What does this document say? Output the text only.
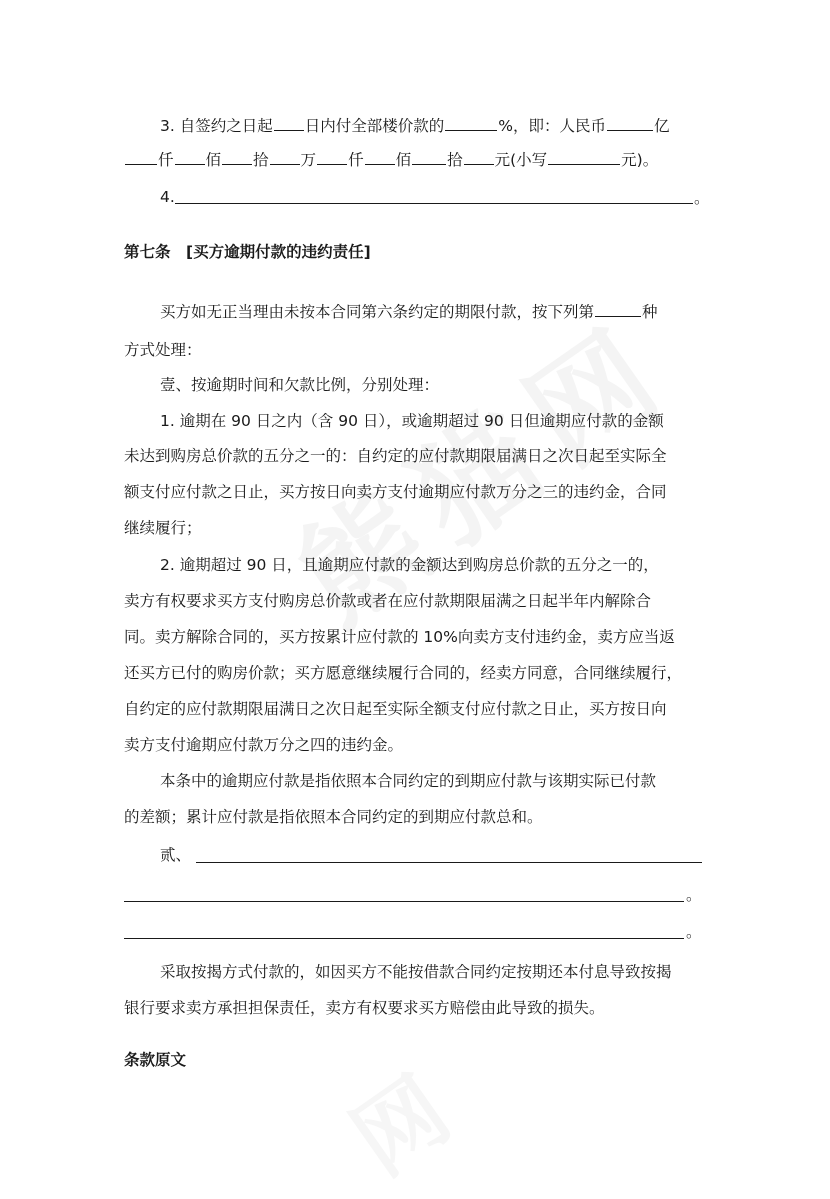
3. 自签约之日起 日内付全部楼价款的	%，即：人民币	亿
仟 佰 拾 万 仟 佰 拾 元(小写	元)。
4.	。
第七条　[买方逾期付款的违约责任]
买方如无正当理由未按本合同第六条约定的期限付款，按下列第	种
方式处理：
壹、按逾期时间和欠款比例，分别处理：
1. 逾期在 90 日之内（含 90 日），或逾期超过 90 日但逾期应付款的金额
未达到购房总价款的五分之一的：自约定的应付款期限届满日之次日起至实际全
额支付应付款之日止，买方按日向卖方支付逾期应付款万分之三的违约金，合同
继续履行；
2. 逾期超过 90 日，且逾期应付款的金额达到购房总价款的五分之一的，
卖方有权要求买方支付购房总价款或者在应付款期限届满之日起半年内解除合
同。卖方解除合同的，买方按累计应付款的 10%向卖方支付违约金，卖方应当返
还买方已付的购房价款；买方愿意继续履行合同的，经卖方同意，合同继续履行，
自约定的应付款期限届满日之次日起至实际全额支付应付款之日止，买方按日向
卖方支付逾期应付款万分之四的违约金。
本条中的逾期应付款是指依照本合同约定的到期应付款与该期实际已付款
的差额；累计应付款是指依照本合同约定的到期应付款总和。
贰、
。
。
采取按揭方式付款的，如因买方不能按借款合同约定按期还本付息导致按揭
银行要求卖方承担担保责任，卖方有权要求买方赔偿由此导致的损失。
条款原文
